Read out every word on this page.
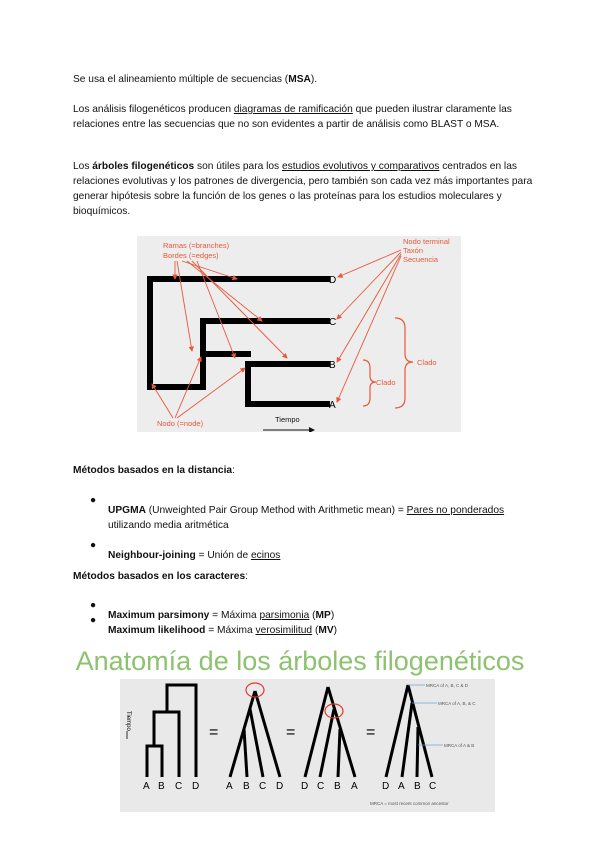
Se usa el alineamiento múltiple de secuencias (MSA).

Los análisis filogenéticos producen diagramas de ramificación que pueden ilustrar claramente las relaciones entre las secuencias que no son evidentes a partir de análisis como BLAST o MSA.

Los árboles filogenéticos son útiles para los estudios evolutivos y comparativos centrados en las relaciones evolutivas y los patrones de divergencia, pero también son cada vez más importantes para generar hipótesis sobre la función de los genes o las proteínas para los estudios moleculares y bioquímicos.

D
C
B
A
Ramas (=branches)
Bordes (=edges)
Nodo terminal
Taxón
Secuencia
Clado
Clado
Nodo (=node)	Tiempo

Métodos basados en la distancia:

●

UPGMA (Unweighted Pair Group Method with Arithmetic mean) = Pares no ponderados utilizando media aritmética

●

Neighbour-joining = Unión de ecinos

Métodos basados en los caracteres:

●

Maximum parsimony = Máxima parsimonia (MP)

●

Maximum likelihood = Máxima verosimilitud (MV)

Anatomía de los árboles filogenéticos
Tiempo
A B C D
=
A B C D
=
D C B A
=
MRCA of A, B, C & D
MRCA of A, B, & C
MRCA of A & B
D A B C
MRCA = most recent common ancestor
